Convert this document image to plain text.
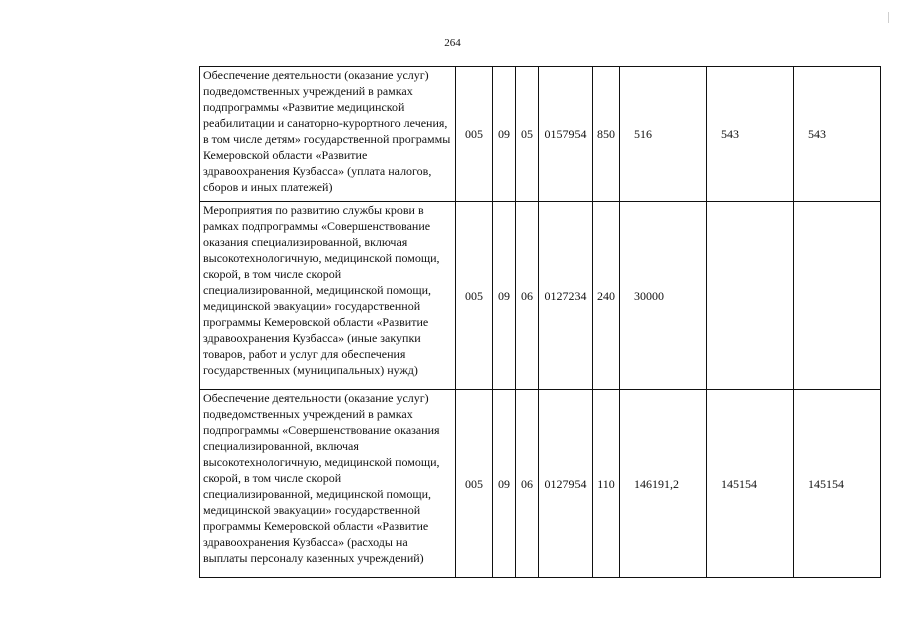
264
Обеспечение деятельности (оказание услуг) подведомственных учреждений в рамках подпрограммы «Развитие медицинской реабилитации и санаторно-курортного лечения, в том числе детям» государственной программы Кемеровской области «Развитие здравоохранения Кузбасса» (уплата налогов, сборов и иных платежей)	005	09	05	0157954	850	516	543	543
Мероприятия по развитию службы крови в рамках подпрограммы «Совершенствование оказания специализированной, включая высокотехнологичную, медицинской помощи, скорой, в том числе скорой специализированной, медицинской помощи, медицинской эвакуации» государственной программы Кемеровской области «Развитие здравоохранения Кузбасса» (иные закупки товаров, работ и услуг для обеспечения государственных (муниципальных) нужд)	005	09	06	0127234	240	30000		
Обеспечение деятельности (оказание услуг) подведомственных учреждений в рамках подпрограммы «Совершенствование оказания специализированной, включая высокотехнологичную, медицинской помощи, скорой, в том числе скорой специализированной, медицинской помощи, медицинской эвакуации» государственной программы Кемеровской области «Развитие здравоохранения Кузбасса» (расходы на выплаты персоналу казенных учреждений)	005	09	06	0127954	110	146191,2	145154	145154
